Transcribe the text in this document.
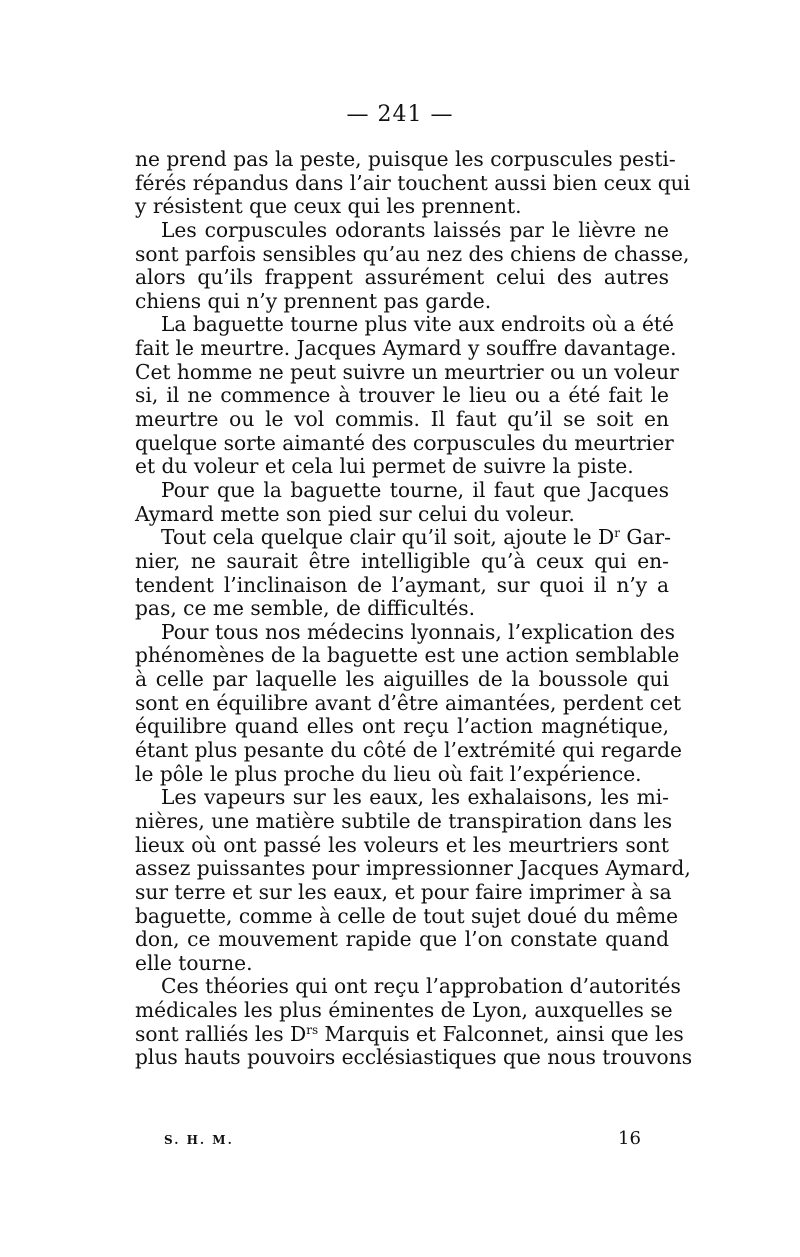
— 241 —
ne prend pas la peste, puisque les corpuscules pesti-
férés répandus dans l’air touchent aussi bien ceux qui
y résistent que ceux qui les prennent.
Les corpuscules odorants laissés par le lièvre ne
sont parfois sensibles qu’au nez des chiens de chasse,
alors qu’ils frappent assurément celui des autres
chiens qui n’y prennent pas garde.
La baguette tourne plus vite aux endroits où a été
fait le meurtre. Jacques Aymard y souffre davantage.
Cet homme ne peut suivre un meurtrier ou un voleur
si, il ne commence à trouver le lieu ou a été fait le
meurtre ou le vol commis. Il faut qu’il se soit en
quelque sorte aimanté des corpuscules du meurtrier
et du voleur et cela lui permet de suivre la piste.
Pour que la baguette tourne, il faut que Jacques
Aymard mette son pied sur celui du voleur.
Tout cela quelque clair qu’il soit, ajoute le $D^r$ Gar-
nier, ne saurait être intelligible qu’à ceux qui en-
tendent l’inclinaison de l’aymant, sur quoi il n’y a
pas, ce me semble, de difficultés.
Pour tous nos médecins lyonnais, l’explication des
phénomènes de la baguette est une action semblable
à celle par laquelle les aiguilles de la boussole qui
sont en équilibre avant d’être aimantées, perdent cet
équilibre quand elles ont reçu l’action magnétique,
étant plus pesante du côté de l’extrémité qui regarde
le pôle le plus proche du lieu où fait l’expérience.
Les vapeurs sur les eaux, les exhalaisons, les mi-
nières, une matière subtile de transpiration dans les
lieux où ont passé les voleurs et les meurtriers sont
assez puissantes pour impressionner Jacques Aymard,
sur terre et sur les eaux, et pour faire imprimer à sa
baguette, comme à celle de tout sujet doué du même
don, ce mouvement rapide que l’on constate quand
elle tourne.
Ces théories qui ont reçu l’approbation d’autorités
médicales les plus éminentes de Lyon, auxquelles se
sont ralliés les $D^{rs}$ Marquis et Falconnet, ainsi que les
plus hauts pouvoirs ecclésiastiques que nous trouvons
S. H. M.	16
